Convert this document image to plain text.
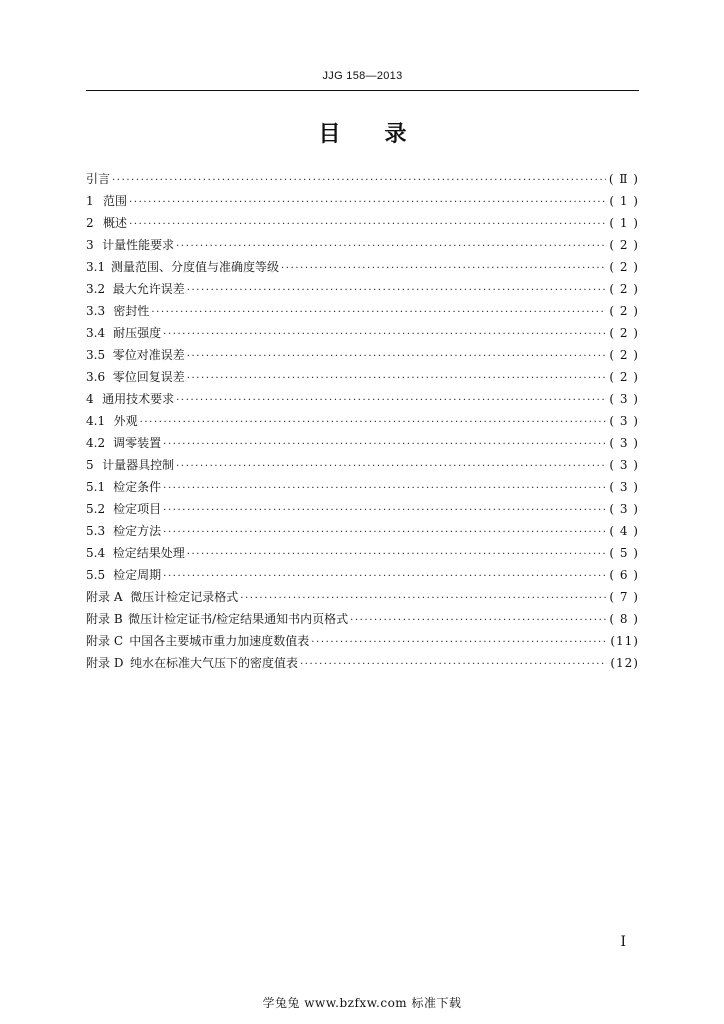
JJG 158—2013
目录
引言 ·····	( Ⅱ )
1 范围 ·····	( 1 )
2 概述 ·····	( 1 )
3 计量性能要求 ·····	( 2 )
3.1 测量范围、分度值与准确度等级 ·····	( 2 )
3.2 最大允许误差 ·····	( 2 )
3.3 密封性 ·····	( 2 )
3.4 耐压强度 ·····	( 2 )
3.5 零位对准误差 ·····	( 2 )
3.6 零位回复误差 ·····	( 2 )
4 通用技术要求 ·····	( 3 )
4.1 外观 ·····	( 3 )
4.2 调零装置 ·····	( 3 )
5 计量器具控制 ·····	( 3 )
5.1 检定条件 ·····	( 3 )
5.2 检定项目 ·····	( 3 )
5.3 检定方法 ·····	( 4 )
5.4 检定结果处理 ·····	( 5 )
5.5 检定周期 ·····	( 6 )
附录 A 微压计检定记录格式 ·····	( 7 )
附录 B 微压计检定证书/检定结果通知书内页格式 ·····	( 8 )
附录 C 中国各主要城市重力加速度数值表 ·····	(11)
附录 D 纯水在标准大气压下的密度值表 ·····	(12)
I
学兔兔 www.bzfxw.com 标准下载
